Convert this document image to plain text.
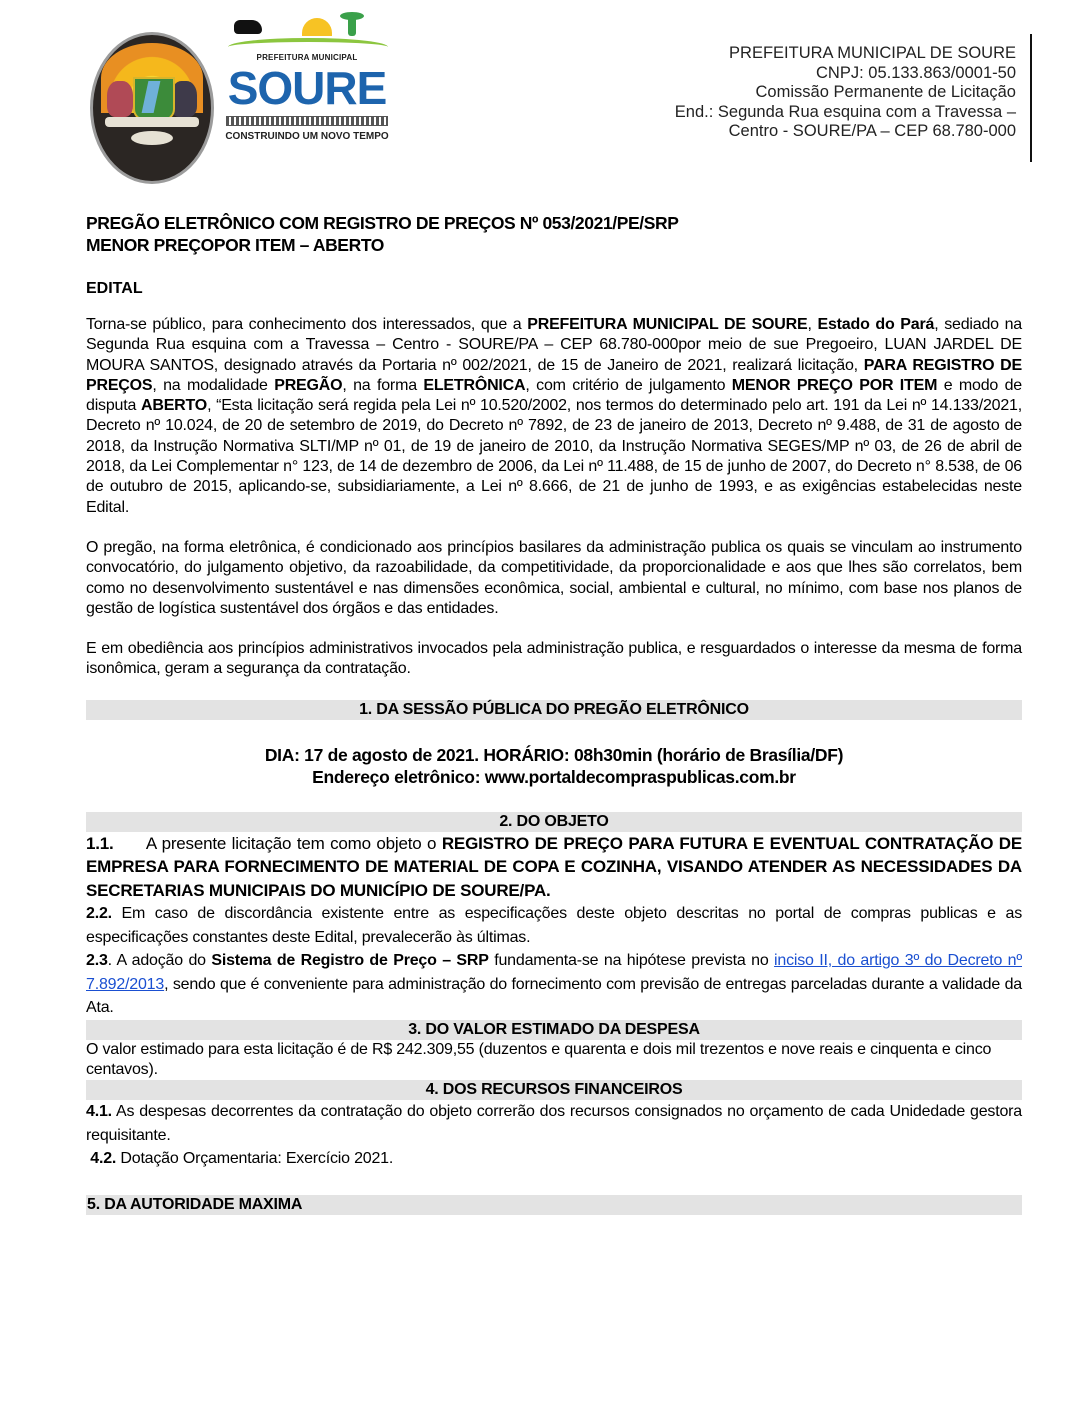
PREFEITURA MUNICIPAL
SOURE
CONSTRUINDO UM NOVO TEMPO
PREFEITURA MUNICIPAL DE SOURE
CNPJ: 05.133.863/0001-50
Comissão Permanente de Licitação
End.: Segunda Rua esquina com a Travessa –
Centro - SOURE/PA – CEP 68.780-000
PREGÃO ELETRÔNICO COM REGISTRO DE PREÇOS Nº 053/2021/PE/SRP
MENOR PREÇOPOR ITEM – ABERTO
EDITAL

Torna-se público, para conhecimento dos interessados, que a PREFEITURA MUNICIPAL DE SOURE, Estado do Pará, sediado na Segunda Rua esquina com a Travessa – Centro - SOURE/PA – CEP 68.780-000por meio de sue Pregoeiro, LUAN JARDEL DE MOURA SANTOS, designado através da Portaria nº 002/2021, de 15 de Janeiro de 2021, realizará licitação, PARA REGISTRO DE PREÇOS, na modalidade PREGÃO, na forma ELETRÔNICA, com critério de julgamento MENOR PREÇO POR ITEM e modo de disputa ABERTO, “Esta licitação será regida pela Lei nº 10.520/2002, nos termos do determinado pelo art. 191 da Lei nº 14.133/2021, Decreto nº 10.024, de 20 de setembro de 2019, do Decreto nº 7892, de 23 de janeiro de 2013, Decreto nº 9.488, de 31 de agosto de 2018, da Instrução Normativa SLTI/MP nº 01, de 19 de janeiro de 2010, da Instrução Normativa SEGES/MP nº 03, de 26 de abril de 2018, da Lei Complementar n° 123, de 14 de dezembro de 2006, da Lei nº 11.488, de 15 de junho de 2007, do Decreto n° 8.538, de 06 de outubro de 2015, aplicando-se, subsidiariamente, a Lei nº 8.666, de 21 de junho de 1993, e as exigências estabelecidas neste Edital.

O pregão, na forma eletrônica, é condicionado aos princípios basilares da administração publica os quais se vinculam ao instrumento convocatório, do julgamento objetivo, da razoabilidade, da competitividade, da proporcionalidade e aos que lhes são correlatos, bem como no desenvolvimento sustentável e nas dimensões econômica, social, ambiental e cultural, no mínimo, com base nos planos de gestão de logística sustentável dos órgãos e das entidades.

E em obediência aos princípios administrativos invocados pela administração publica, e resguardados o interesse da mesma de forma isonômica, geram a segurança da contratação.

1. DA SESSÃO PÚBLICA DO PREGÃO ELETRÔNICO
DIA: 17 de agosto de 2021. HORÁRIO: 08h30min (horário de Brasília/DF)
Endereço eletrônico: www.portaldecompraspublicas.com.br
2. DO OBJETO

1.1. A presente licitação tem como objeto o REGISTRO DE PREÇO PARA FUTURA E EVENTUAL CONTRATAÇÃO DE EMPRESA PARA FORNECIMENTO DE MATERIAL DE COPA E COZINHA, VISANDO ATENDER AS NECESSIDADES DA SECRETARIAS MUNICIPAIS DO MUNICÍPIO DE SOURE/PA.

2.2. Em caso de discordância existente entre as especificações deste objeto descritas no portal de compras publicas e as especificações constantes deste Edital, prevalecerão às últimas.

2.3. A adoção do Sistema de Registro de Preço – SRP fundamenta-se na hipótese prevista no inciso II, do artigo 3º do Decreto nº 7.892/2013, sendo que é conveniente para administração do fornecimento com previsão de entregas parceladas durante a validade da Ata.

3. DO VALOR ESTIMADO DA DESPESA

O valor estimado para esta licitação é de R$ 242.309,55 (duzentos e quarenta e dois mil trezentos e nove reais e cinquenta e cinco centavos).

4. DOS RECURSOS FINANCEIROS

4.1. As despesas decorrentes da contratação do objeto correrão dos recursos consignados no orçamento de cada Unidedade gestora requisitante.

4.2. Dotação Orçamentaria: Exercício 2021.

5. DA AUTORIDADE MAXIMA
